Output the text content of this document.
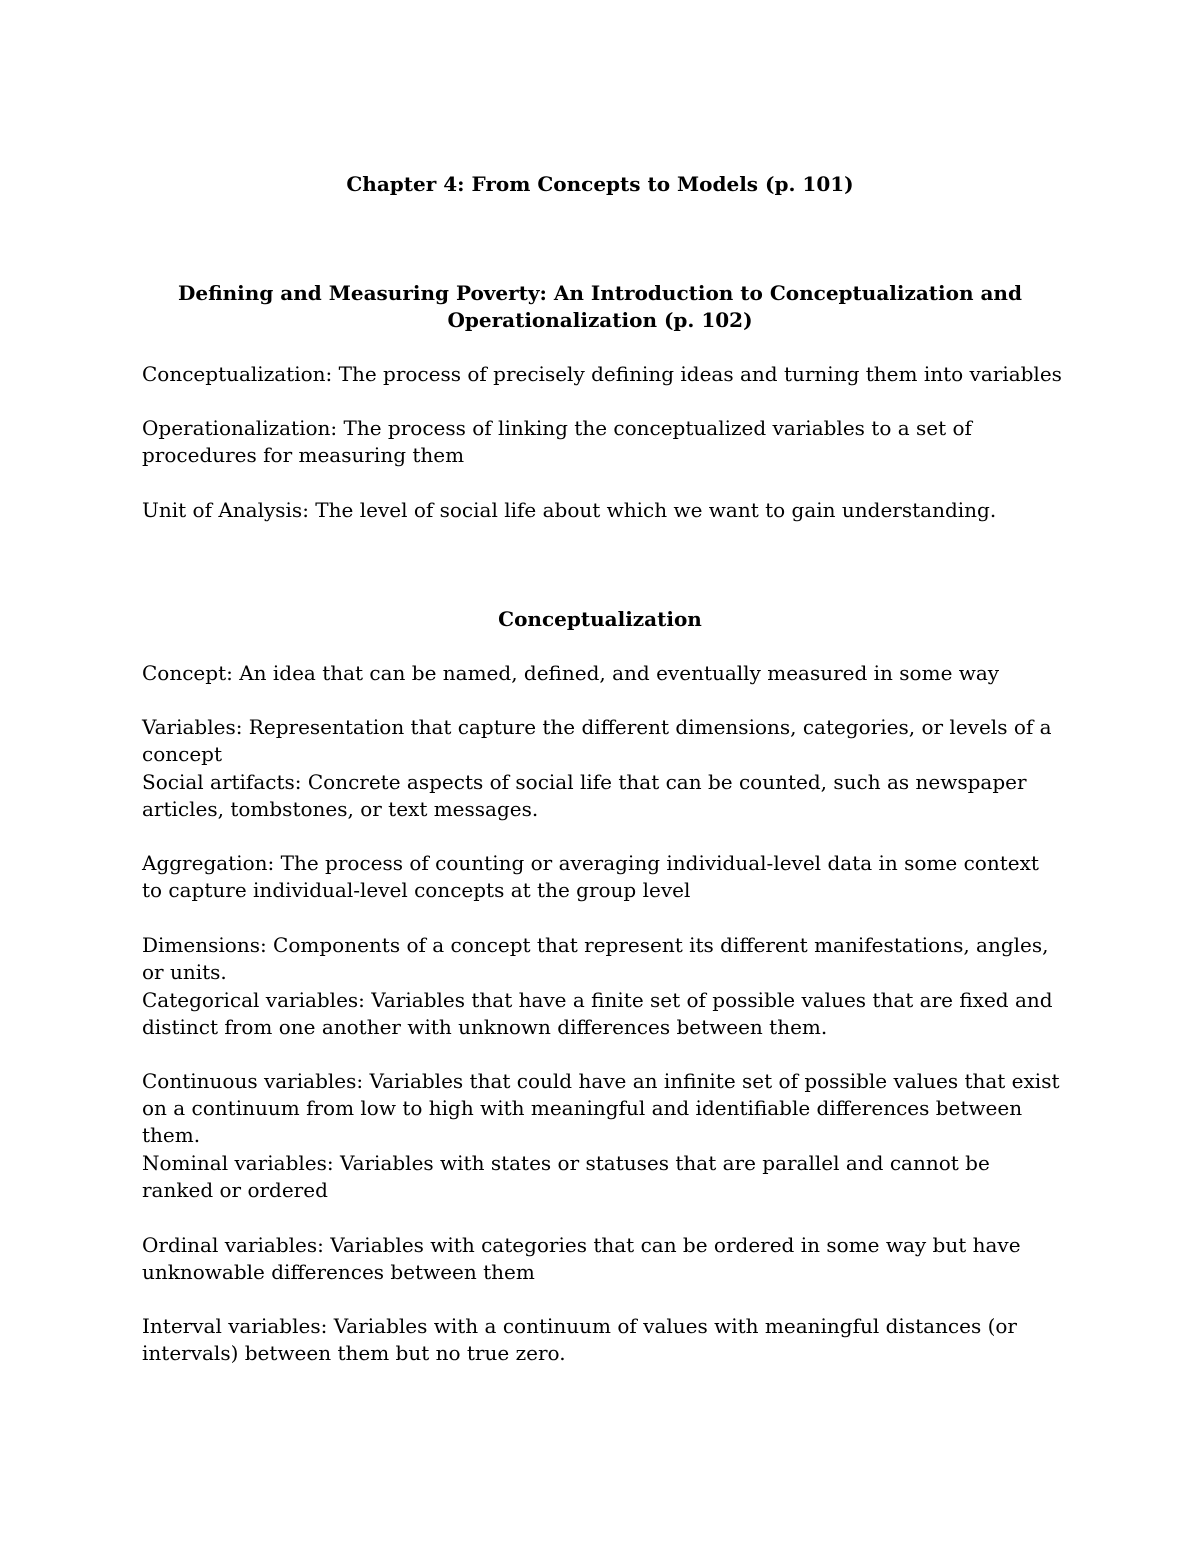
Chapter 4: From Concepts to Models (p. 101)

Defining and Measuring Poverty: An Introduction to Conceptualization and
Operationalization (p. 102)

Conceptualization: The process of precisely defining ideas and turning them into variables

Operationalization: The process of linking the conceptualized variables to a set of procedures for measuring them

Unit of Analysis: The level of social life about which we want to gain understanding.

Conceptualization

Concept: An idea that can be named, defined, and eventually measured in some way

Variables: Representation that capture the different dimensions, categories, or levels of a concept

Social artifacts: Concrete aspects of social life that can be counted, such as newspaper articles, tombstones, or text messages.

Aggregation: The process of counting or averaging individual-level data in some context to capture individual-level concepts at the group level

Dimensions: Components of a concept that represent its different manifestations, angles, or units.

Categorical variables: Variables that have a finite set of possible values that are fixed and distinct from one another with unknown differences between them.

Continuous variables: Variables that could have an infinite set of possible values that exist on a continuum from low to high with meaningful and identifiable differences between them.

Nominal variables: Variables with states or statuses that are parallel and cannot be ranked or ordered

Ordinal variables: Variables with categories that can be ordered in some way but have unknowable differences between them

Interval variables: Variables with a continuum of values with meaningful distances (or intervals) between them but no true zero.
